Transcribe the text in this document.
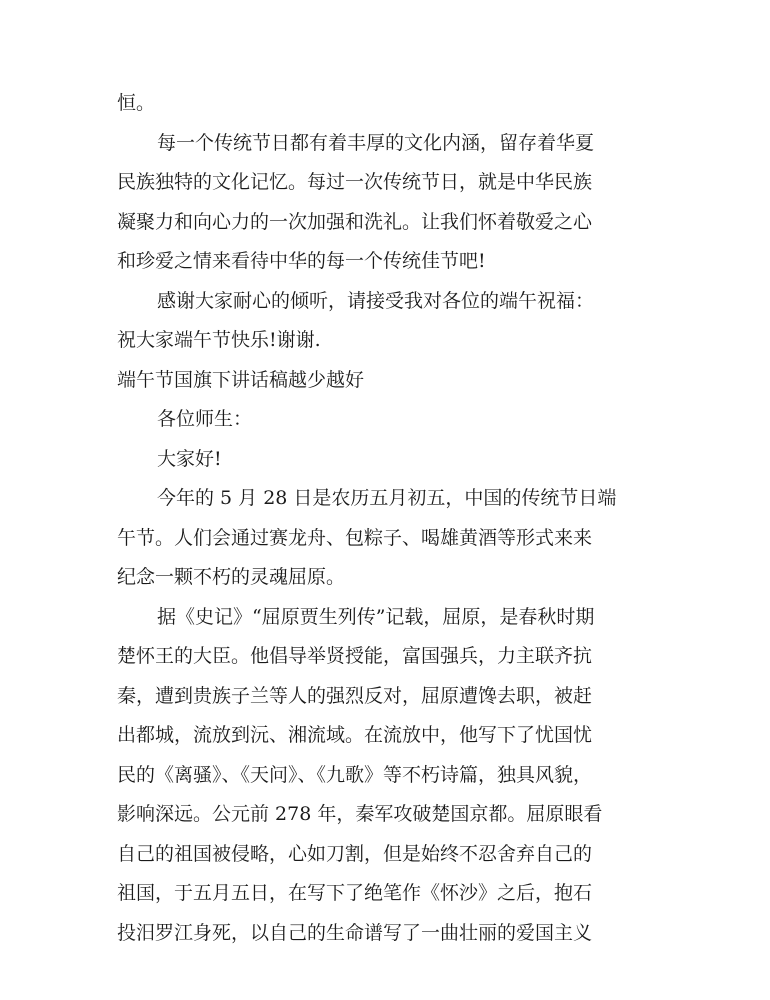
恒。
每一个传统节日都有着丰厚的文化内涵，留存着华夏
民族独特的文化记忆。每过一次传统节日，就是中华民族
凝聚力和向心力的一次加强和洗礼。让我们怀着敬爱之心
和珍爱之情来看待中华的每一个传统佳节吧!
感谢大家耐心的倾听，请接受我对各位的端午祝福：
祝大家端午节快乐!谢谢.
端午节国旗下讲话稿越少越好
各位师生：
大家好!
今年的 5 月 28 日是农历五月初五，中国的传统节日端
午节。人们会通过赛龙舟、包粽子、喝雄黄酒等形式来来
纪念一颗不朽的灵魂屈原。
据《史记》“屈原贾生列传”记载，屈原，是春秋时期
楚怀王的大臣。他倡导举贤授能，富国强兵，力主联齐抗
秦，遭到贵族子兰等人的强烈反对，屈原遭馋去职，被赶
出都城，流放到沅、湘流域。在流放中，他写下了忧国忧
民的《离骚》、《天问》、《九歌》等不朽诗篇，独具风貌，
影响深远。公元前 278 年，秦军攻破楚国京都。屈原眼看
自己的祖国被侵略，心如刀割，但是始终不忍舍弃自己的
祖国，于五月五日，在写下了绝笔作《怀沙》之后，抱石
投汨罗江身死，以自己的生命谱写了一曲壮丽的爱国主义
